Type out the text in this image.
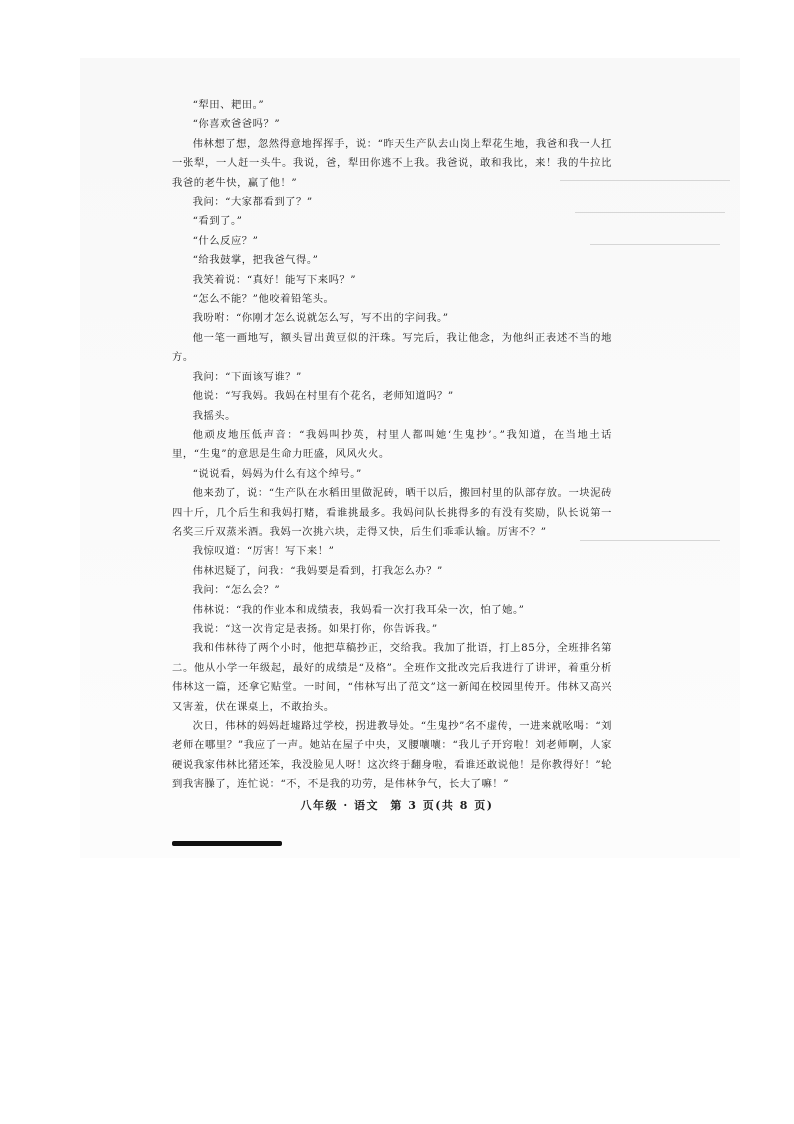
“犁田、耙田。”

“你喜欢爸爸吗？”

伟林想了想，忽然得意地挥挥手，说：“昨天生产队去山岗上犁花生地，我爸和我一人扛一张犁，一人赶一头牛。我说，爸，犁田你逃不上我。我爸说，敢和我比，来！我的牛拉比我爸的老牛快，赢了他！”

我问：“大家都看到了？”

“看到了。”

“什么反应？”

“给我鼓掌，把我爸气得。”

我笑着说：“真好！能写下来吗？”

“怎么不能？”他咬着铅笔头。

我吩咐：“你刚才怎么说就怎么写，写不出的字问我。”

他一笔一画地写，额头冒出黄豆似的汗珠。写完后，我让他念，为他纠正表述不当的地方。

我问：“下面该写谁？”

他说：“写我妈。我妈在村里有个花名，老师知道吗？”

我摇头。

他顽皮地压低声音：“我妈叫抄英，村里人都叫她‘生鬼抄’。”我知道，在当地土话里，“生鬼”的意思是生命力旺盛，风风火火。

“说说看，妈妈为什么有这个绰号。”

他来劲了，说：“生产队在水稻田里做泥砖，晒干以后，搬回村里的队部存放。一块泥砖四十斤，几个后生和我妈打赌，看谁挑最多。我妈问队长挑得多的有没有奖励，队长说第一名奖三斤双蒸米酒。我妈一次挑六块，走得又快，后生们乖乖认输。厉害不？”

我惊叹道：“厉害！写下来！”

伟林迟疑了，问我：“我妈要是看到，打我怎么办？”

我问：“怎么会？”

伟林说：“我的作业本和成绩表，我妈看一次打我耳朵一次，怕了她。”

我说：“这一次肯定是表扬。如果打你，你告诉我。”

我和伟林待了两个小时，他把草稿抄正，交给我。我加了批语，打上85分，全班排名第二。他从小学一年级起，最好的成绩是“及格”。全班作文批改完后我进行了讲评，着重分析伟林这一篇，还拿它贴堂。一时间，“伟林写出了范文”这一新闻在校园里传开。伟林又高兴又害羞，伏在课桌上，不敢抬头。

次日，伟林的妈妈赶墟路过学校，拐进教导处。“生鬼抄”名不虚传，一进来就吆喝：“刘老师在哪里？”我应了一声。她站在屋子中央，叉腰嚷嚷：“我儿子开窍啦！刘老师啊，人家硬说我家伟林比猪还笨，我没脸见人呀！这次终于翻身啦，看谁还敢说他！是你教得好！”轮到我害臊了，连忙说：“不，不是我的功劳，是伟林争气，长大了嘛！”

八年级 · 语文 第 3 页(共 8 页)
